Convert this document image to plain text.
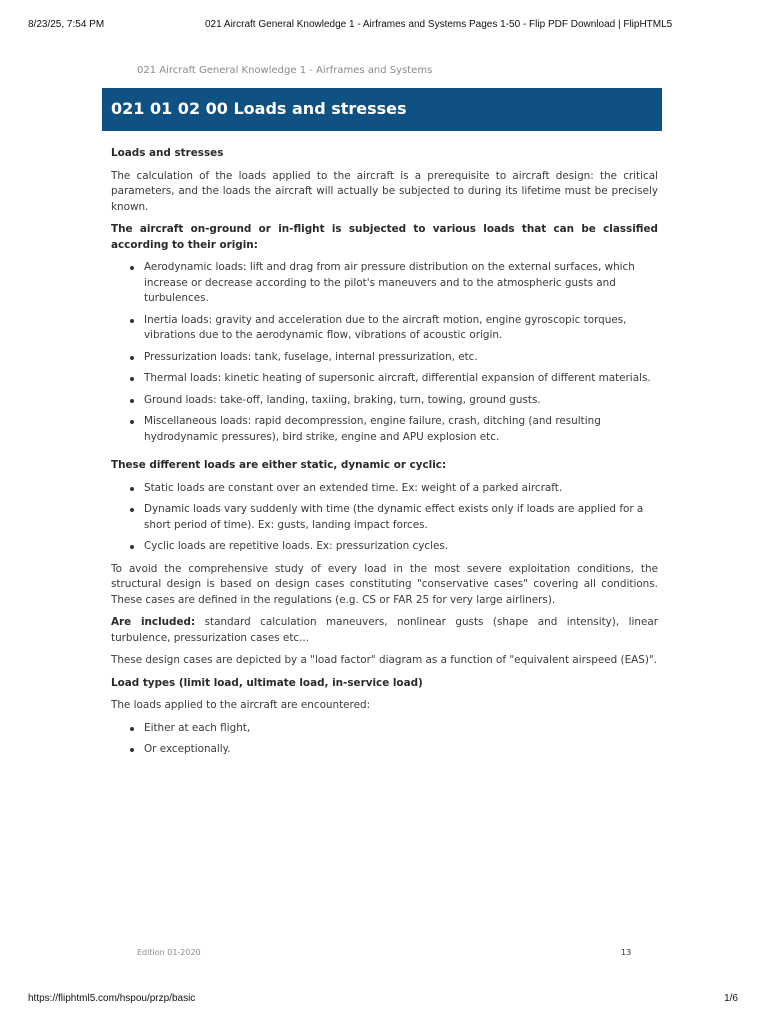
8/23/25, 7:54 PM	021 Aircraft General Knowledge 1 - Airframes and Systems Pages 1-50 - Flip PDF Download | FlipHTML5
021 Aircraft General Knowledge 1 - Airframes and Systems
021 01 02 00 Loads and stresses
Loads and stresses

The calculation of the loads applied to the aircraft is a prerequisite to aircraft design: the critical parameters, and the loads the aircraft will actually be subjected to during its lifetime must be precisely known.

The aircraft on-ground or in-flight is subjected to various loads that can be classified according to their origin:

Aerodynamic loads: lift and drag from air pressure distribution on the external surfaces, which increase or decrease according to the pilot's maneuvers and to the atmospheric gusts and turbulences.
Inertia loads: gravity and acceleration due to the aircraft motion, engine gyroscopic torques, vibrations due to the aerodynamic flow, vibrations of acoustic origin.
Pressurization loads: tank, fuselage, internal pressurization, etc.
Thermal loads: kinetic heating of supersonic aircraft, differential expansion of different materials.
Ground loads: take-off, landing, taxiing, braking, turn, towing, ground gusts.
Miscellaneous loads: rapid decompression, engine failure, crash, ditching (and resulting hydrodynamic pressures), bird strike, engine and APU explosion etc.

These different loads are either static, dynamic or cyclic:

Static loads are constant over an extended time. Ex: weight of a parked aircraft.
Dynamic loads vary suddenly with time (the dynamic effect exists only if loads are applied for a short period of time). Ex: gusts, landing impact forces.
Cyclic loads are repetitive loads. Ex: pressurization cycles.

To avoid the comprehensive study of every load in the most severe exploitation conditions, the structural design is based on design cases constituting "conservative cases" covering all conditions. These cases are defined in the regulations (e.g. CS or FAR 25 for very large airliners).

Are included: standard calculation maneuvers, nonlinear gusts (shape and intensity), linear turbulence, pressurization cases etc...

These design cases are depicted by a "load factor" diagram as a function of "equivalent airspeed (EAS)".

Load types (limit load, ultimate load, in-service load)

The loads applied to the aircraft are encountered:

Either at each flight,
Or exceptionally.
Edition 01-2020	13
https://fliphtml5.com/hspou/przp/basic	1/6
